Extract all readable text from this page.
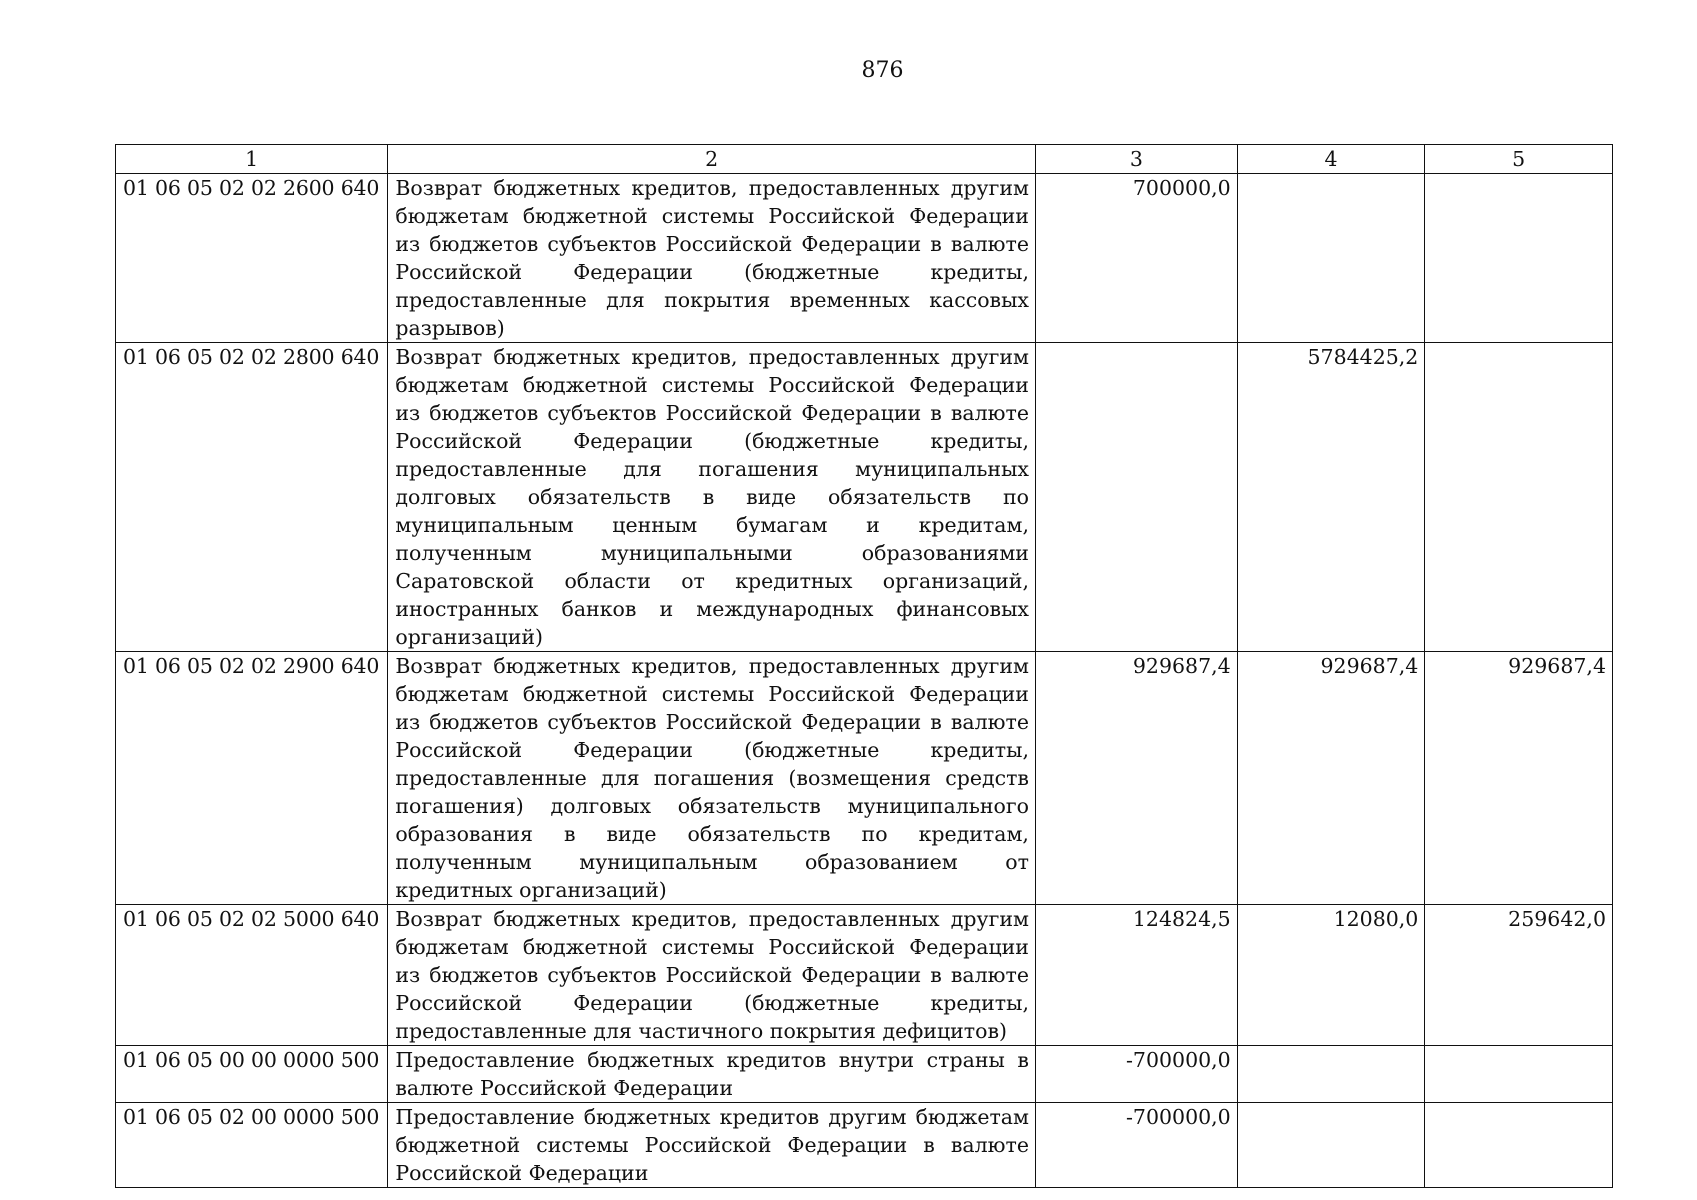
876
1	2	3	4	5
01 06 05 02 02 2600 640	Возврат бюджетных кредитов, предоставленных другим бюджетам бюджетной системы Российской Федерации из бюджетов субъектов Российской Федерации в валюте Российской Федерации (бюджетные кредиты, предоставленные для покрытия временных кассовых разрывов)	700000,0		
01 06 05 02 02 2800 640	Возврат бюджетных кредитов, предоставленных другим бюджетам бюджетной системы Российской Федерации из бюджетов субъектов Российской Федерации в валюте Российской Федерации (бюджетные кредиты, предоставленные для погашения муниципальных долговых обязательств в виде обязательств по муниципальным ценным бумагам и кредитам, полученным муниципальными образованиями Саратовской области от кредитных организаций, иностранных банков и международных финансовых организаций)		5784425,2	
01 06 05 02 02 2900 640	Возврат бюджетных кредитов, предоставленных другим бюджетам бюджетной системы Российской Федерации из бюджетов субъектов Российской Федерации в валюте Российской Федерации (бюджетные кредиты, предоставленные для погашения (возмещения средств погашения) долговых обязательств муниципального образования в виде обязательств по кредитам, полученным муниципальным образованием от кредитных организаций)	929687,4	929687,4	929687,4
01 06 05 02 02 5000 640	Возврат бюджетных кредитов, предоставленных другим бюджетам бюджетной системы Российской Федерации из бюджетов субъектов Российской Федерации в валюте Российской Федерации (бюджетные кредиты, предоставленные для частичного покрытия дефицитов)	124824,5	12080,0	259642,0
01 06 05 00 00 0000 500	Предоставление бюджетных кредитов внутри страны в валюте Российской Федерации	-700000,0		
01 06 05 02 00 0000 500	Предоставление бюджетных кредитов другим бюджетам бюджетной системы Российской Федерации в валюте Российской Федерации	-700000,0		
